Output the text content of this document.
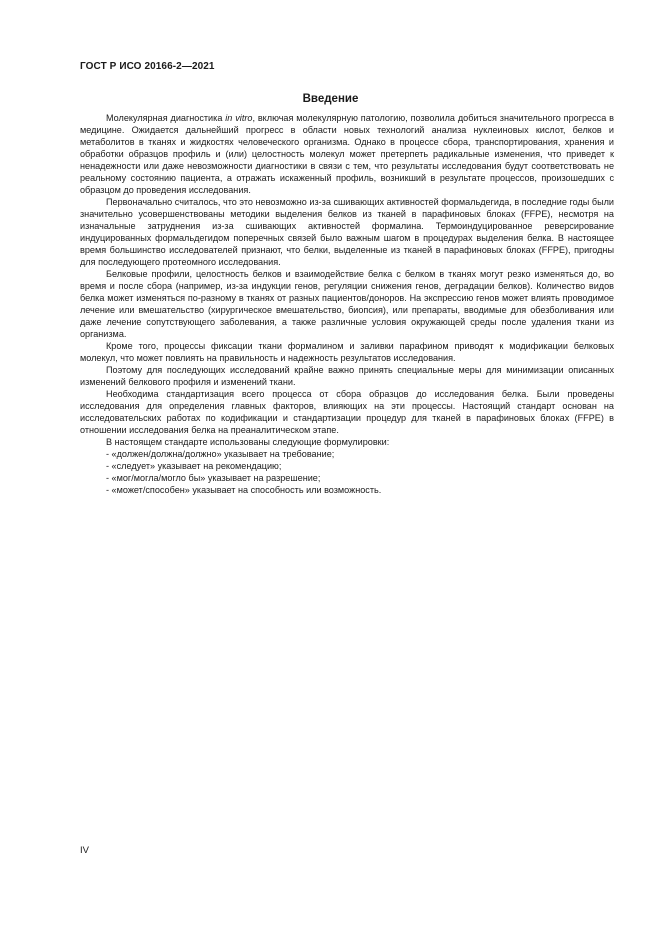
ГОСТ Р ИСО 20166-2—2021
Введение

Молекулярная диагностика in vitro, включая молекулярную патологию, позволила добиться значительного прогресса в медицине. Ожидается дальнейший прогресс в области новых технологий анализа нуклеиновых кислот, белков и метаболитов в тканях и жидкостях человеческого организма. Однако в процессе сбора, транспортирования, хранения и обработки образцов профиль и (или) целостность молекул может претерпеть радикальные изменения, что приведет к ненадежности или даже невозможности диагностики в связи с тем, что результаты исследования будут соответствовать не реальному состоянию пациента, а отражать искаженный профиль, возникший в результате процессов, произошедших с образцом до проведения исследования.

Первоначально считалось, что это невозможно из-за сшивающих активностей формальдегида, в последние годы были значительно усовершенствованы методики выделения белков из тканей в парафиновых блоках (FFPE), несмотря на изначальные затруднения из-за сшивающих активностей формалина. Термоиндуцированное реверсирование индуцированных формальдегидом поперечных связей было важным шагом в процедурах выделения белка. В настоящее время большинство исследователей признают, что белки, выделенные из тканей в парафиновых блоках (FFPE), пригодны для последующего протеомного исследования.

Белковые профили, целостность белков и взаимодействие белка с белком в тканях могут резко изменяться до, во время и после сбора (например, из-за индукции генов, регуляции снижения генов, деградации белков). Количество видов белка может изменяться по-разному в тканях от разных пациентов/доноров. На экспрессию генов может влиять проводимое лечение или вмешательство (хирургическое вмешательство, биопсия), или препараты, вводимые для обезболивания или даже лечение сопутствующего заболевания, а также различные условия окружающей среды после удаления ткани из организма.

Кроме того, процессы фиксации ткани формалином и заливки парафином приводят к модификации белковых молекул, что может повлиять на правильность и надежность результатов исследования.

Поэтому для последующих исследований крайне важно принять специальные меры для минимизации описанных изменений белкового профиля и изменений ткани.

Необходима стандартизация всего процесса от сбора образцов до исследования белка. Были проведены исследования для определения главных факторов, влияющих на эти процессы. Настоящий стандарт основан на исследовательских работах по кодификации и стандартизации процедур для тканей в парафиновых блоках (FFPE) в отношении исследования белка на преаналитическом этапе.

В настоящем стандарте использованы следующие формулировки:

- «должен/должна/должно» указывает на требование;

- «следует» указывает на рекомендацию;

- «мог/могла/могло бы» указывает на разрешение;

- «может/способен» указывает на способность или возможность.

IV
